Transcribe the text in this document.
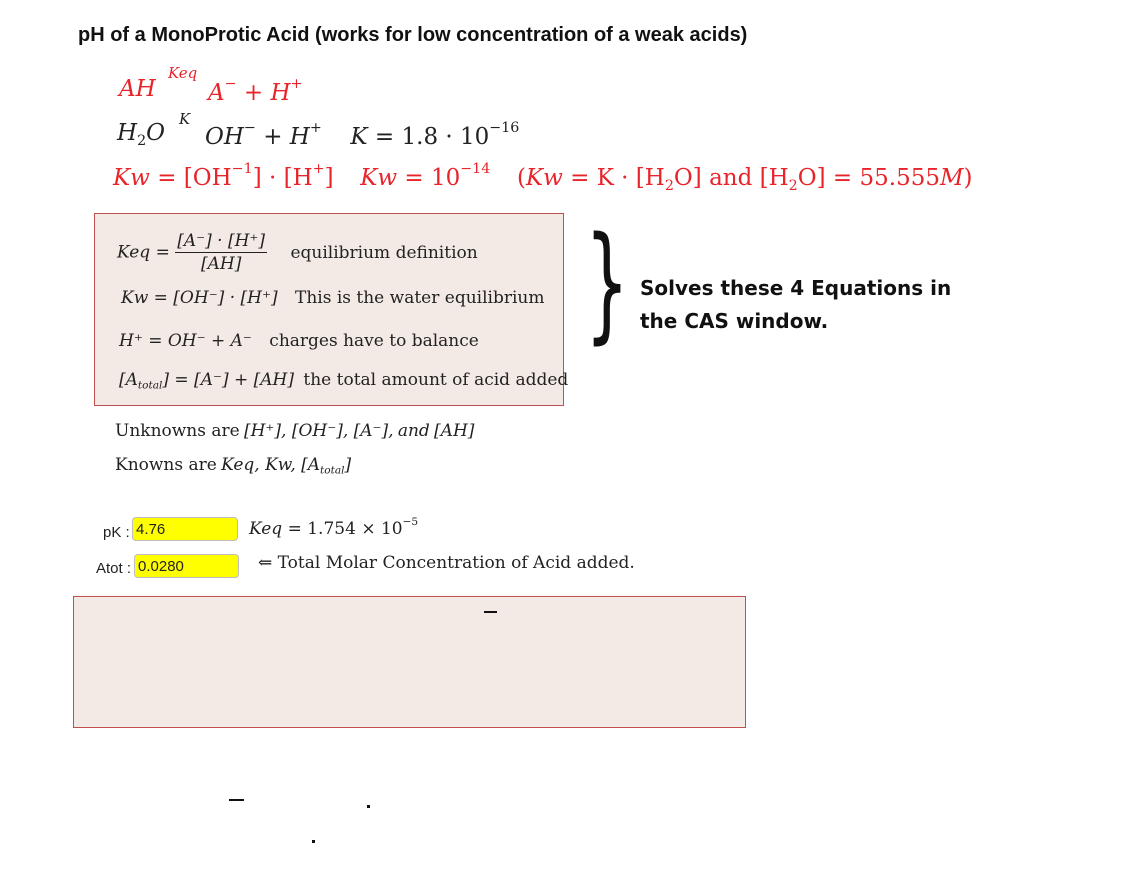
pH of a MonoProtic Acid (works for low concentration of a weak acids)
AH
Keq
A− + H+
$H_2O$
K
OH− + H+ $K = 1.8 \cdot 10^{-16}$
$Kw = [OH^{-1}] \cdot [H^+] Kw = 10^{-14}$ ($Kw = K \cdot [H_2O]$ and $[H_2O] = 55.555M$)
Keq = $\frac{[A^-] \cdot [H^+]}{[AH]}$ equilibrium definition
Kw = [OH⁻] · [H⁺] This is the water equilibrium
H⁺ = OH⁻ + A⁻ charges have to balance
$[A_{total}] = [A^-] + [AH]$ the total amount of acid added
} Solves these 4 Equations in the CAS window.
Unknowns are [H⁺], [OH⁻], [A⁻], and [AH]
Knowns are Keq, Kw, $[A_{total}]$
pK : 4.76
Atot : 0.0280
Keq = $1.754 \times 10^{-5}$
⇐ Total Molar Concentration of Acid added.
